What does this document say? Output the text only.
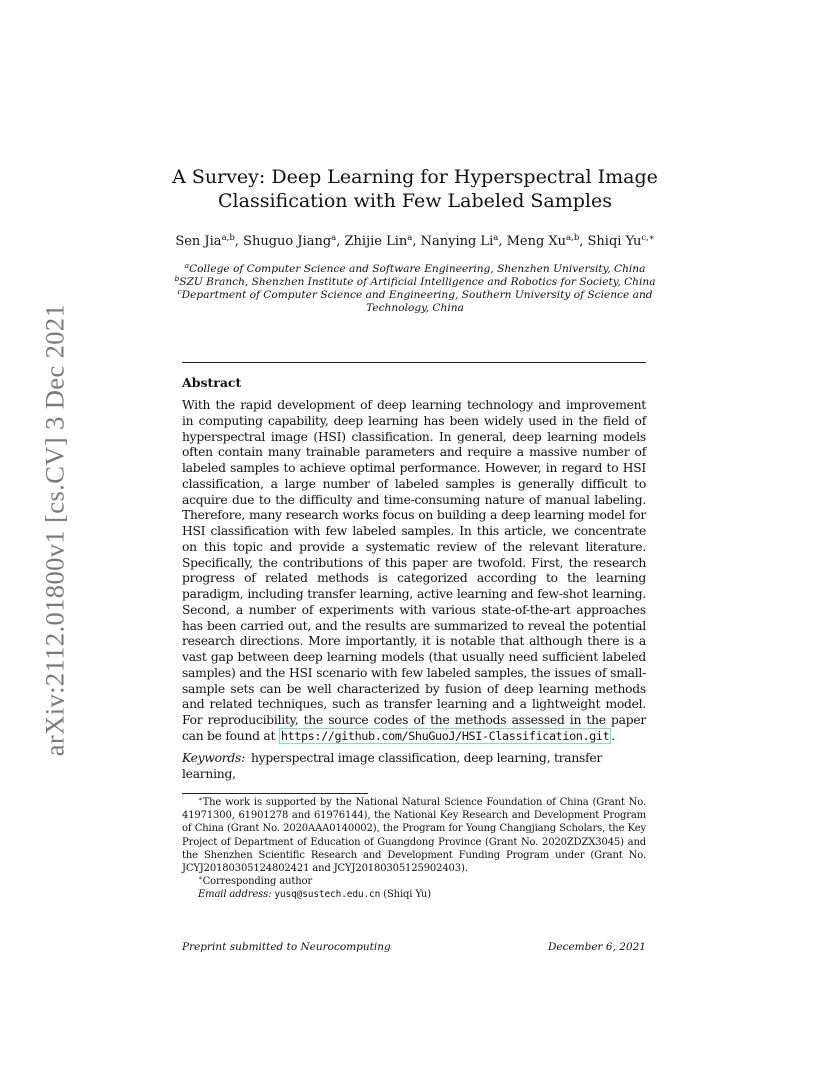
arXiv:2112.01800v1 [cs.CV] 3 Dec 2021
A Survey: Deep Learning for Hyperspectral Image
Classification with Few Labeled Samples
Sen Jia$^{a,b}$, Shuguo Jiang$^a$, Zhijie Lin$^a$, Nanying Li$^a$, Meng Xu$^{a,b}$, Shiqi $Yu^{c,∗}$
$^a$College of Computer Science and Software Engineering, Shenzhen University, China
$^b$SZU Branch, Shenzhen Institute of Artificial Intelligence and Robotics for Society, China
$^c$Department of Computer Science and Engineering, Southern University of Science and
Technology, China
Abstract
With the rapid development of deep learning technology and improvement in computing capability, deep learning has been widely used in the field of hyperspectral image (HSI) classification. In general, deep learning models often contain many trainable parameters and require a massive number of labeled samples to achieve optimal performance. However, in regard to HSI classification, a large number of labeled samples is generally difficult to acquire due to the difficulty and time-consuming nature of manual labeling. Therefore, many research works focus on building a deep learning model for HSI classification with few labeled samples. In this article, we concentrate on this topic and provide a systematic review of the relevant literature. Specifically, the contributions of this paper are twofold. First, the research progress of related methods is categorized according to the learning paradigm, including transfer learning, active learning and few-shot learning. Second, a number of experiments with various state-of-the-art approaches has been carried out, and the results are summarized to reveal the potential research directions. More importantly, it is notable that although there is a vast gap between deep learning models (that usually need sufficient labeled samples) and the HSI scenario with few labeled samples, the issues of small-sample sets can be well characterized by fusion of deep learning methods and related techniques, such as transfer learning and a lightweight model. For reproducibility, the source codes of the methods assessed in the paper can be found at https://github.com/ShuGuoJ/HSI-Classification.git .
Keywords: hyperspectral image classification, deep learning, transfer learning,
∗The work is supported by the National Natural Science Foundation of China (Grant No. 41971300, 61901278 and 61976144), the National Key Research and Development Program of China (Grant No. 2020AAA0140002), the Program for Young Changjiang Scholars, the Key Project of Department of Education of Guangdong Province (Grant No. 2020ZDZX3045) and the Shenzhen Scientific Research and Development Funding Program under (Grant No. JCYJ20180305124802421 and JCYJ20180305125902403).
∗Corresponding author
Email address: yusq@sustech.edu.cn (Shiqi Yu)
Preprint submitted to Neurocomputing	December 6, 2021
